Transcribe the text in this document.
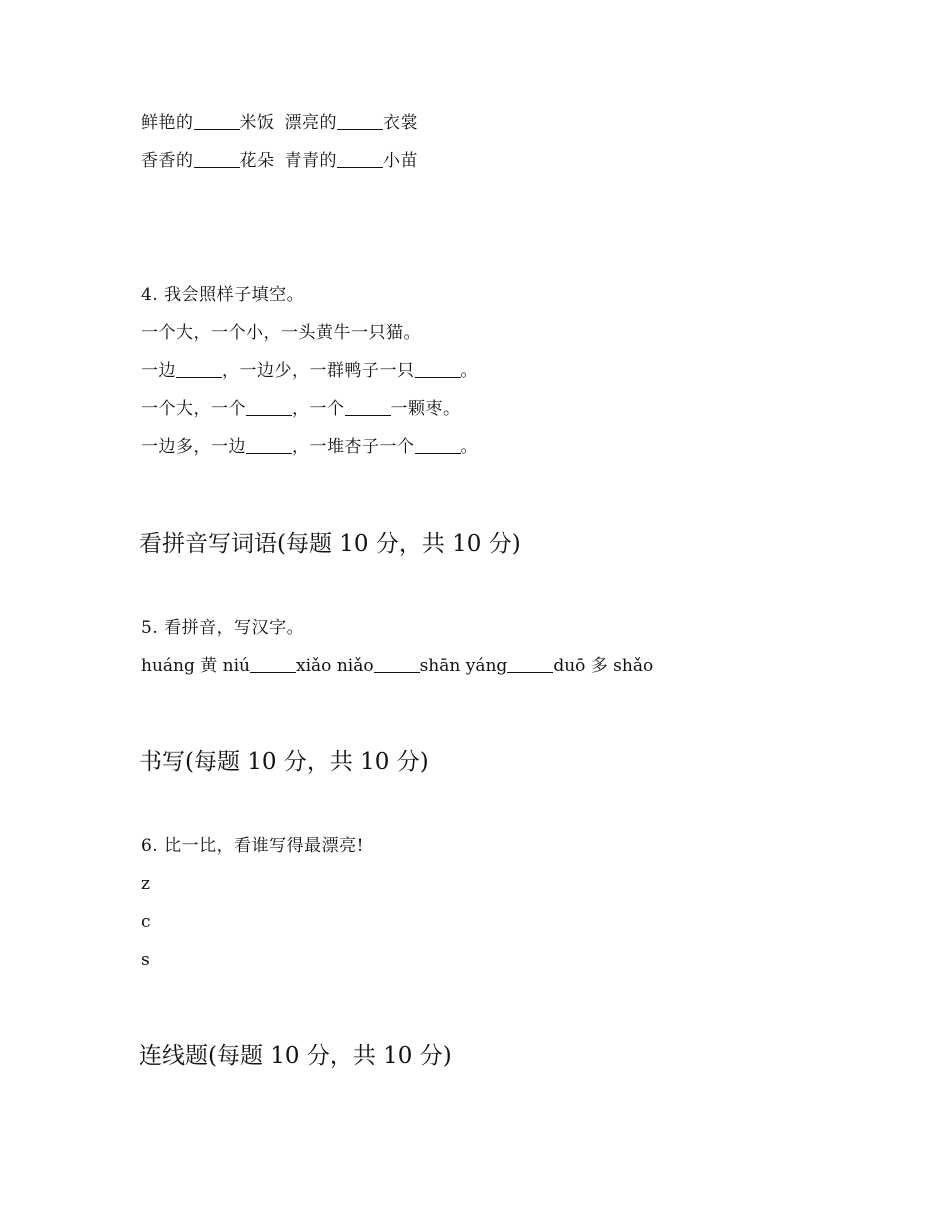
鲜艳的	米饭 漂亮的	衣裳
香香的	花朵 青青的	小苗
4. 我会照样子填空。
一个大，一个小，一头黄牛一只猫。
一边	，一边少，一群鸭子一只	。
一个大，一个	，一个	一颗枣。
一边多，一边	，一堆杏子一个	。
看拼音写词语(每题 10 分，共 10 分)
5. 看拼音，写汉字。
huáng 黄 niú	xiǎo niǎo	shān yáng	duō 多 shǎo
书写(每题 10 分，共 10 分)
6. 比一比，看谁写得最漂亮!
z
c
s
连线题(每题 10 分，共 10 分)
